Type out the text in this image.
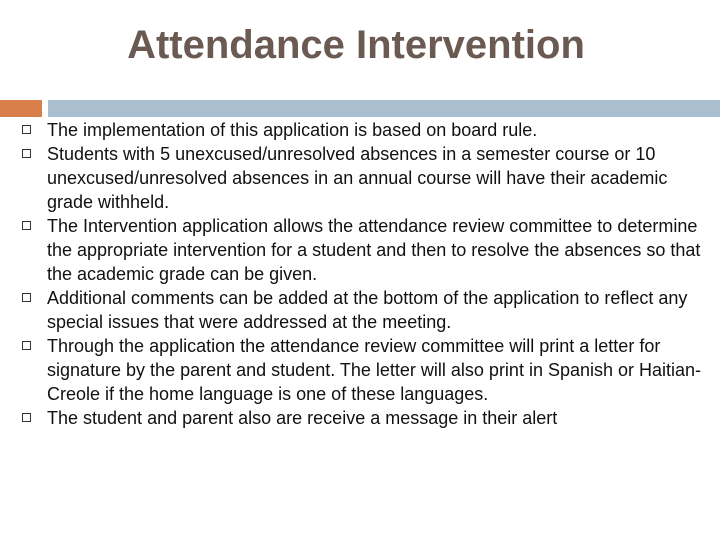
Attendance Intervention
The implementation of this application is based on board rule.
Students with 5 unexcused/unresolved absences in a semester course or 10 unexcused/unresolved absences in an annual course will have their academic grade withheld.
The Intervention application allows the attendance review committee to determine the appropriate intervention for a student and then to resolve the absences so that the academic grade can be given.
Additional comments can be added at the bottom of the application to reflect any special issues that were addressed at the meeting.
Through the application the attendance review committee will print a letter for signature by the parent and student. The letter will also print in Spanish or Haitian-Creole if the home language is one of these languages.
The student and parent also are receive a message in their alert
